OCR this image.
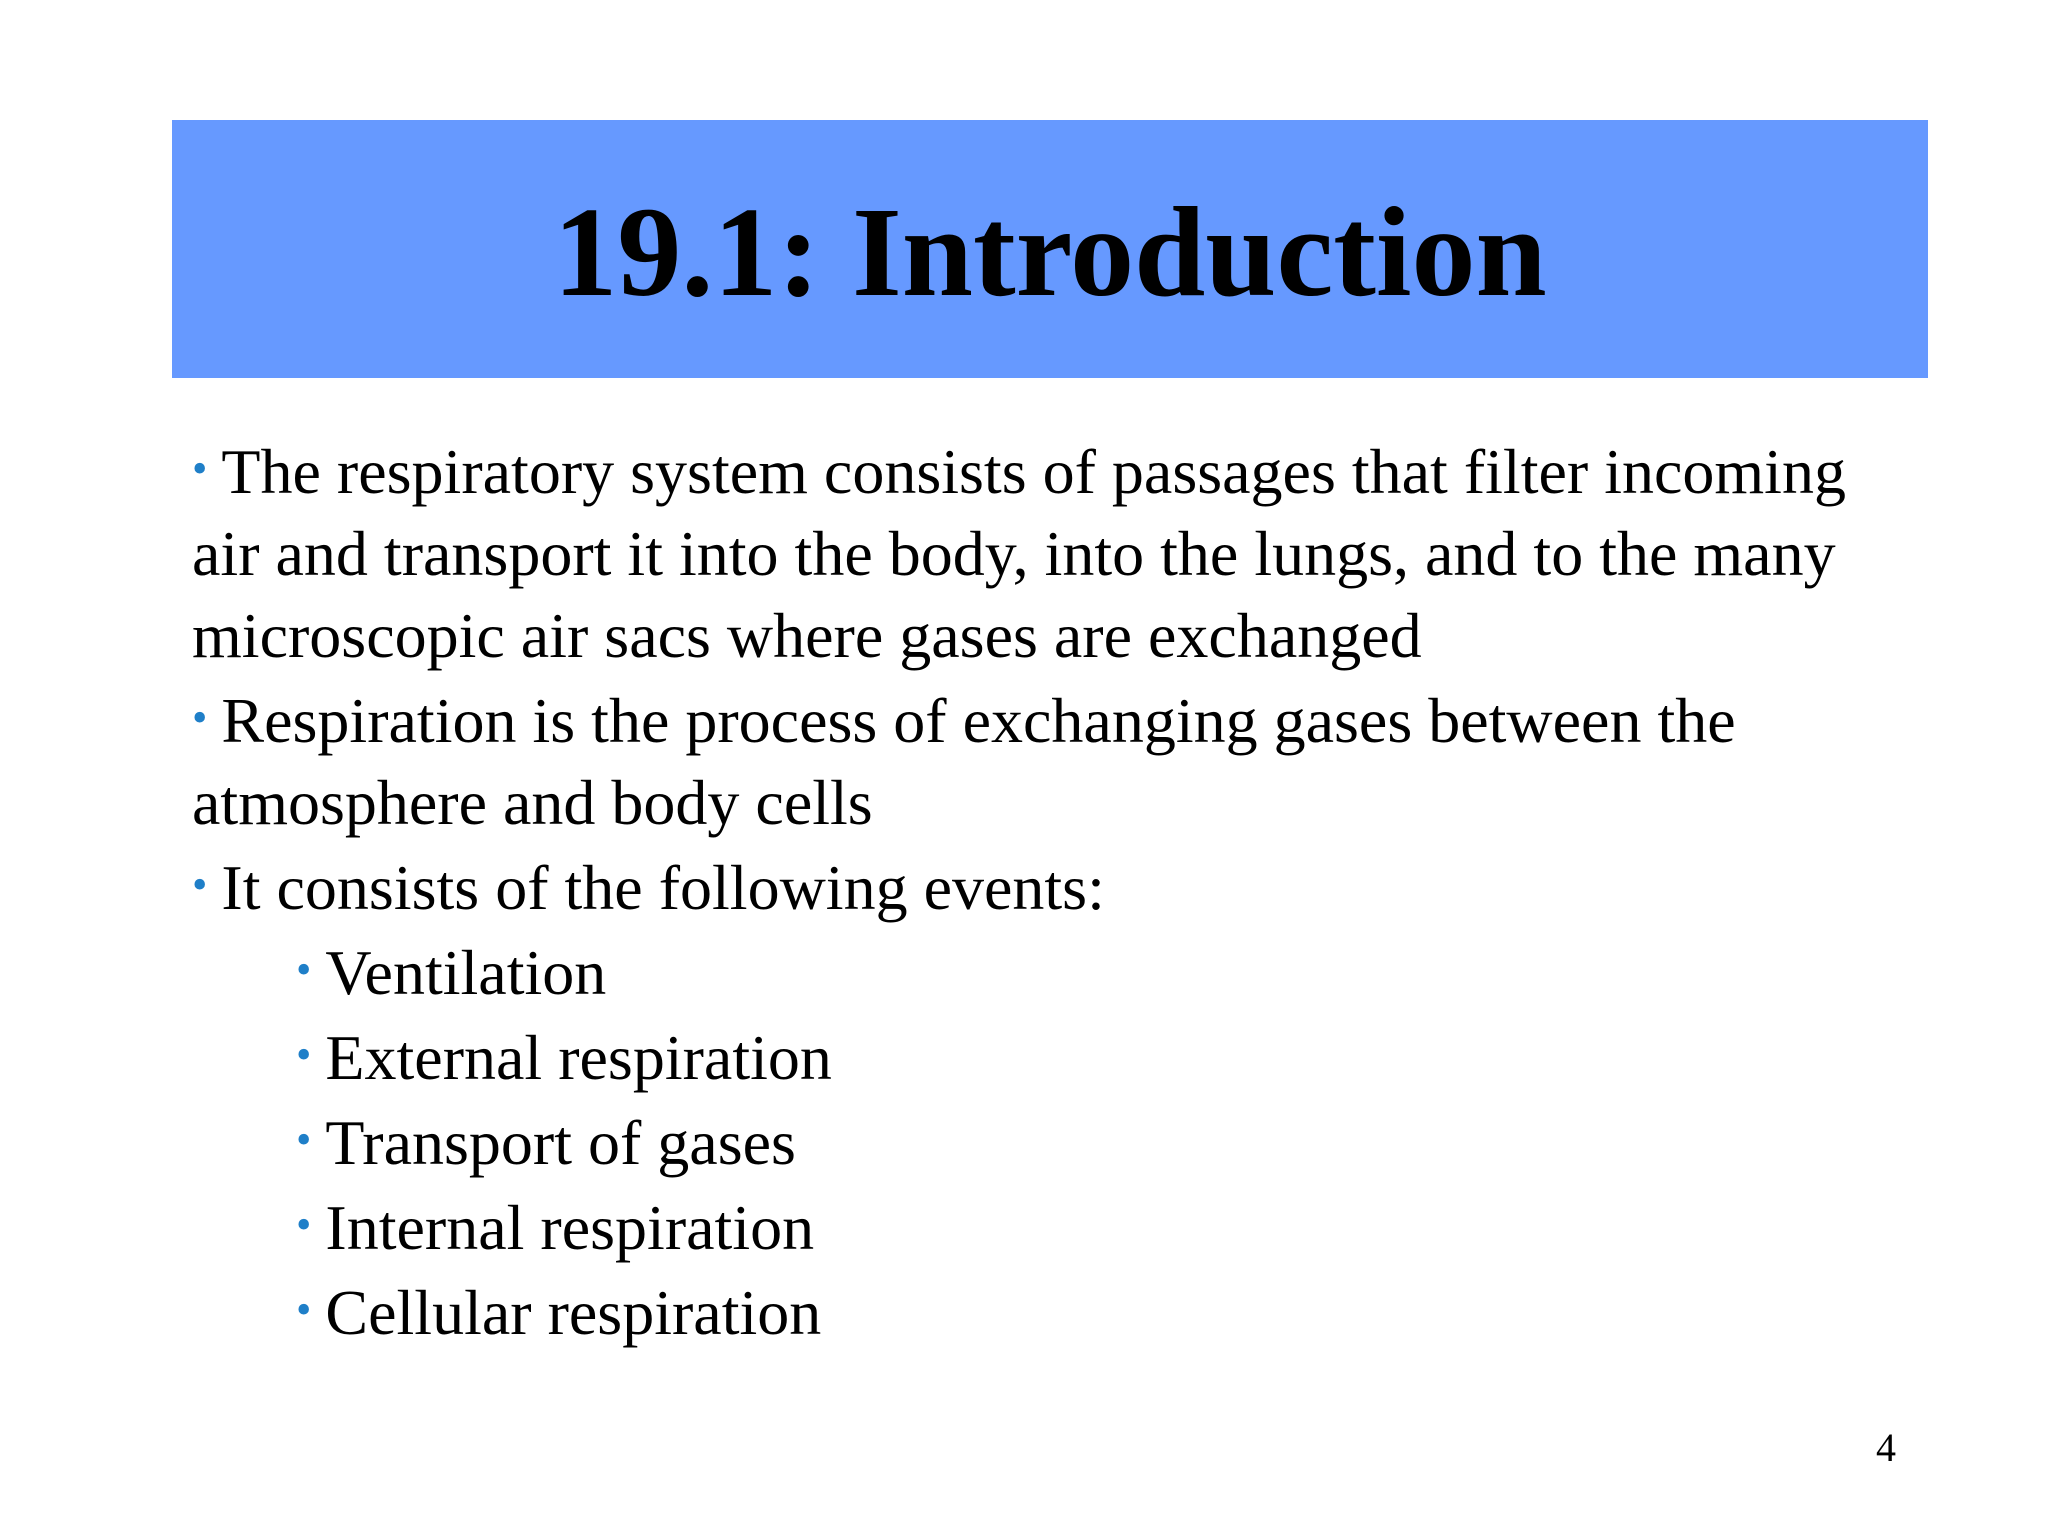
19.1: Introduction

• The respiratory system consists of passages that filter incoming air and transport it into the body, into the lungs, and to the many microscopic air sacs where gases are exchanged

• Respiration is the process of exchanging gases between the atmosphere and body cells

• It consists of the following events:

• Ventilation
• External respiration
• Transport of gases
• Internal respiration
• Cellular respiration
4
